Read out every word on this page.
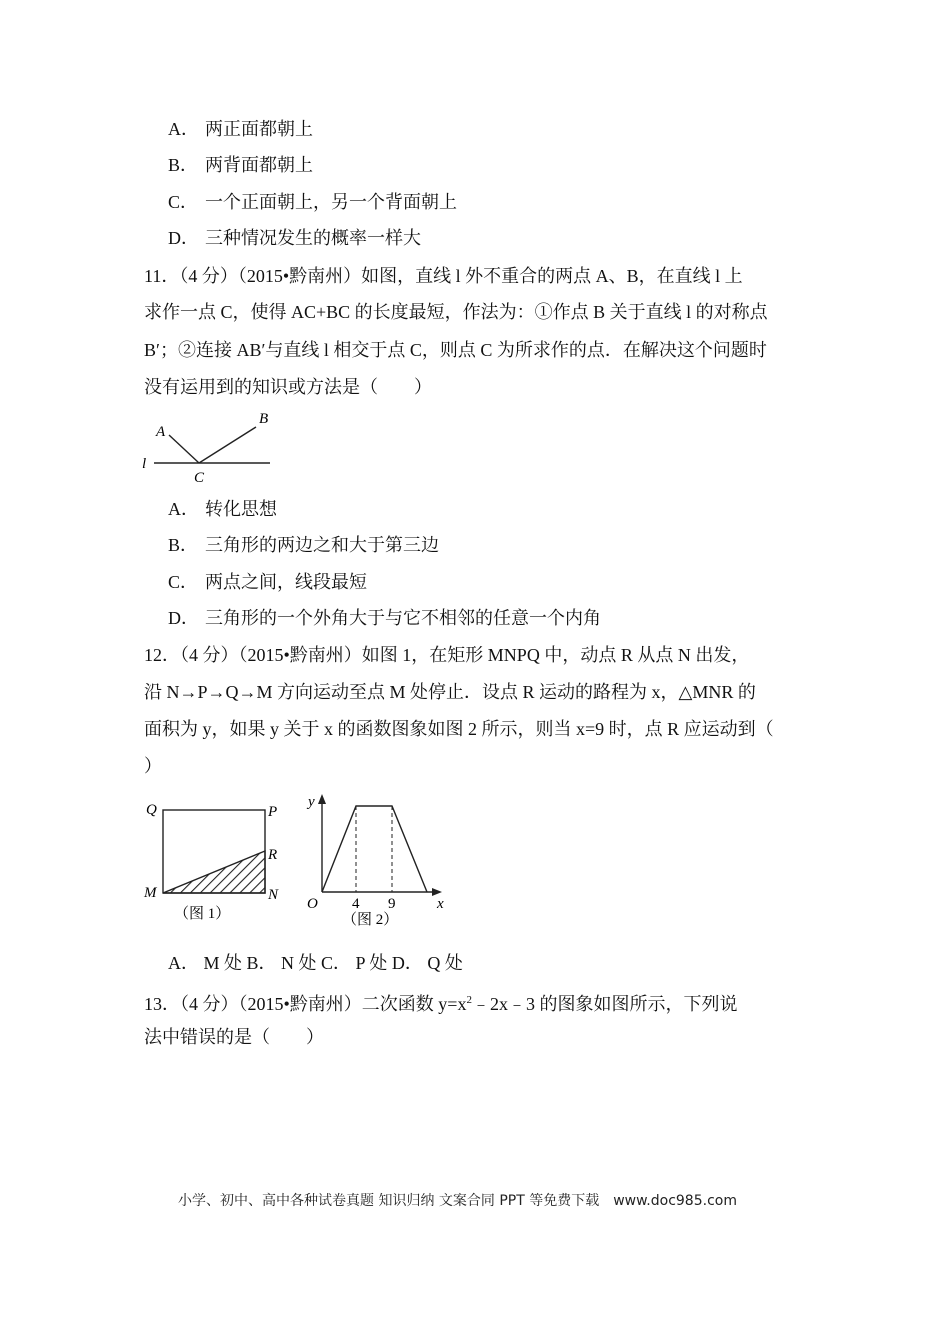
A． 两正面都朝上
B． 两背面都朝上
C． 一个正面朝上，另一个背面朝上
D． 三种情况发生的概率一样大
11．（4 分）（2015•黔南州）如图，直线 l 外不重合的两点 A、B，在直线 l 上
求作一点 C，使得 AC+BC 的长度最短，作法为：①作点 B 关于直线 l 的对称点
B′；②连接 AB′与直线 l 相交于点 C，则点 C 为所求作的点．在解决这个问题时
没有运用到的知识或方法是（　　）
A
B
C
l
A． 转化思想
B． 三角形的两边之和大于第三边
C． 两点之间，线段最短
D． 三角形的一个外角大于与它不相邻的任意一个内角
12．（4 分）（2015•黔南州）如图 1，在矩形 MNPQ 中，动点 R 从点 N 出发，
沿 N→P→Q→M 方向运动至点 M 处停止．设点 R 运动的路程为 x，△MNR 的
面积为 y，如果 y 关于 x 的函数图象如图 2 所示，则当 x=9 时，点 R 应运动到（
）
Q	P
R
M	N
（图 1）
y
x
O 4 9
（图 2）
A． M 处 B． N 处 C． P 处 D． Q 处
13．（4 分）（2015•黔南州）二次函数 $y=x^2﹣2x﹣3$ 的图象如图所示，下列说
法中错误的是（　　）
小学、初中、高中各种试卷真题 知识归纳 文案合同 PPT 等免费下载　www.doc985.com
